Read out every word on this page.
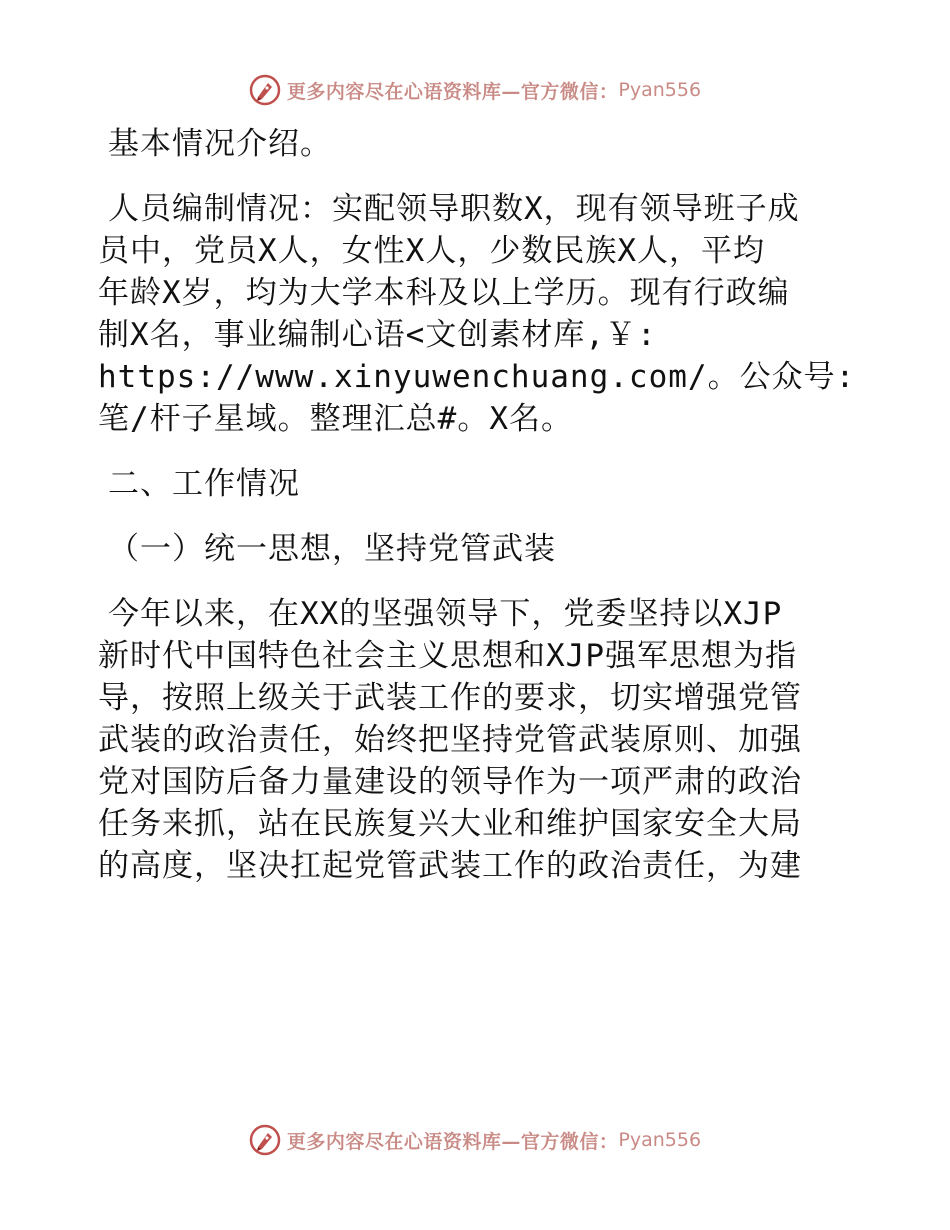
更多内容尽在心语资料库—官方微信： Pyan556
基本情况介绍。
人员编制情况：实配领导职数X，现有领导班子成
员中，党员X人，女性X人，少数民族X人，平均
年龄X岁，均为大学本科及以上学历。现有行政编
制X名，事业编制心语<文创素材库,￥:
https://www.xinyuwenchuang.com/。公众号:
笔/杆子星域。整理汇总#。X名。
二、工作情况
（一）统一思想，坚持党管武装
今年以来，在XX的坚强领导下，党委坚持以XJP
新时代中国特色社会主义思想和XJP强军思想为指
导，按照上级关于武装工作的要求，切实增强党管
武装的政治责任，始终把坚持党管武装原则、加强
党对国防后备力量建设的领导作为一项严肃的政治
任务来抓，站在民族复兴大业和维护国家安全大局
的高度，坚决扛起党管武装工作的政治责任，为建
更多内容尽在心语资料库—官方微信： Pyan556
